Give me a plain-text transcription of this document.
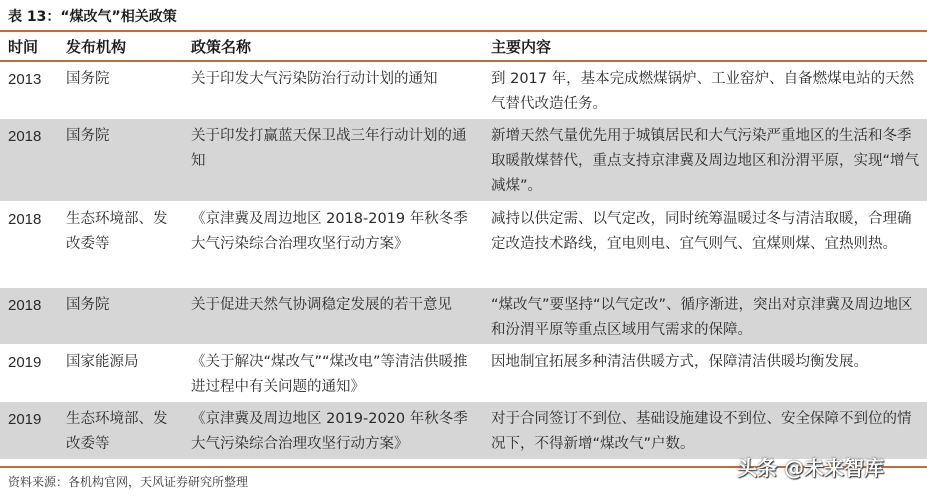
表 13：“煤改气”相关政策
时间	发布机构	政策名称	主要内容
2013	国务院	关于印发大气污染防治行动计划的通知	到 2017 年，基本完成燃煤锅炉、工业窑炉、自备燃煤电站的天然气替代改造任务。
2018	国务院	关于印发打赢蓝天保卫战三年行动计划的通知	新增天然气量优先用于城镇居民和大气污染严重地区的生活和冬季取暖散煤替代，重点支持京津冀及周边地区和汾渭平原，实现“增气减煤”。
2018	生态环境部、发改委等	《京津冀及周边地区 2018-2019 年秋冬季大气污染综合治理攻坚行动方案》	减持以供定需、以气定改，同时统筹温暖过冬与清洁取暖，合理确定改造技术路线，宜电则电、宜气则气、宜煤则煤、宜热则热。
2018	国务院	关于促进天然气协调稳定发展的若干意见	“煤改气”要坚持“以气定改”、循序渐进，突出对京津冀及周边地区和汾渭平原等重点区域用气需求的保障。
2019	国家能源局	《关于解决“煤改气”“煤改电”等清洁供暖推进过程中有关问题的通知》	因地制宜拓展多种清洁供暖方式，保障清洁供暖均衡发展。
2019	生态环境部、发改委等	《京津冀及周边地区 2019-2020 年秋冬季大气污染综合治理攻坚行动方案》	对于合同签订不到位、基础设施建设不到位、安全保障不到位的情况下，不得新增“煤改气”户数。
资料来源：各机构官网，天风证券研究所整理
头条 @未来智库
